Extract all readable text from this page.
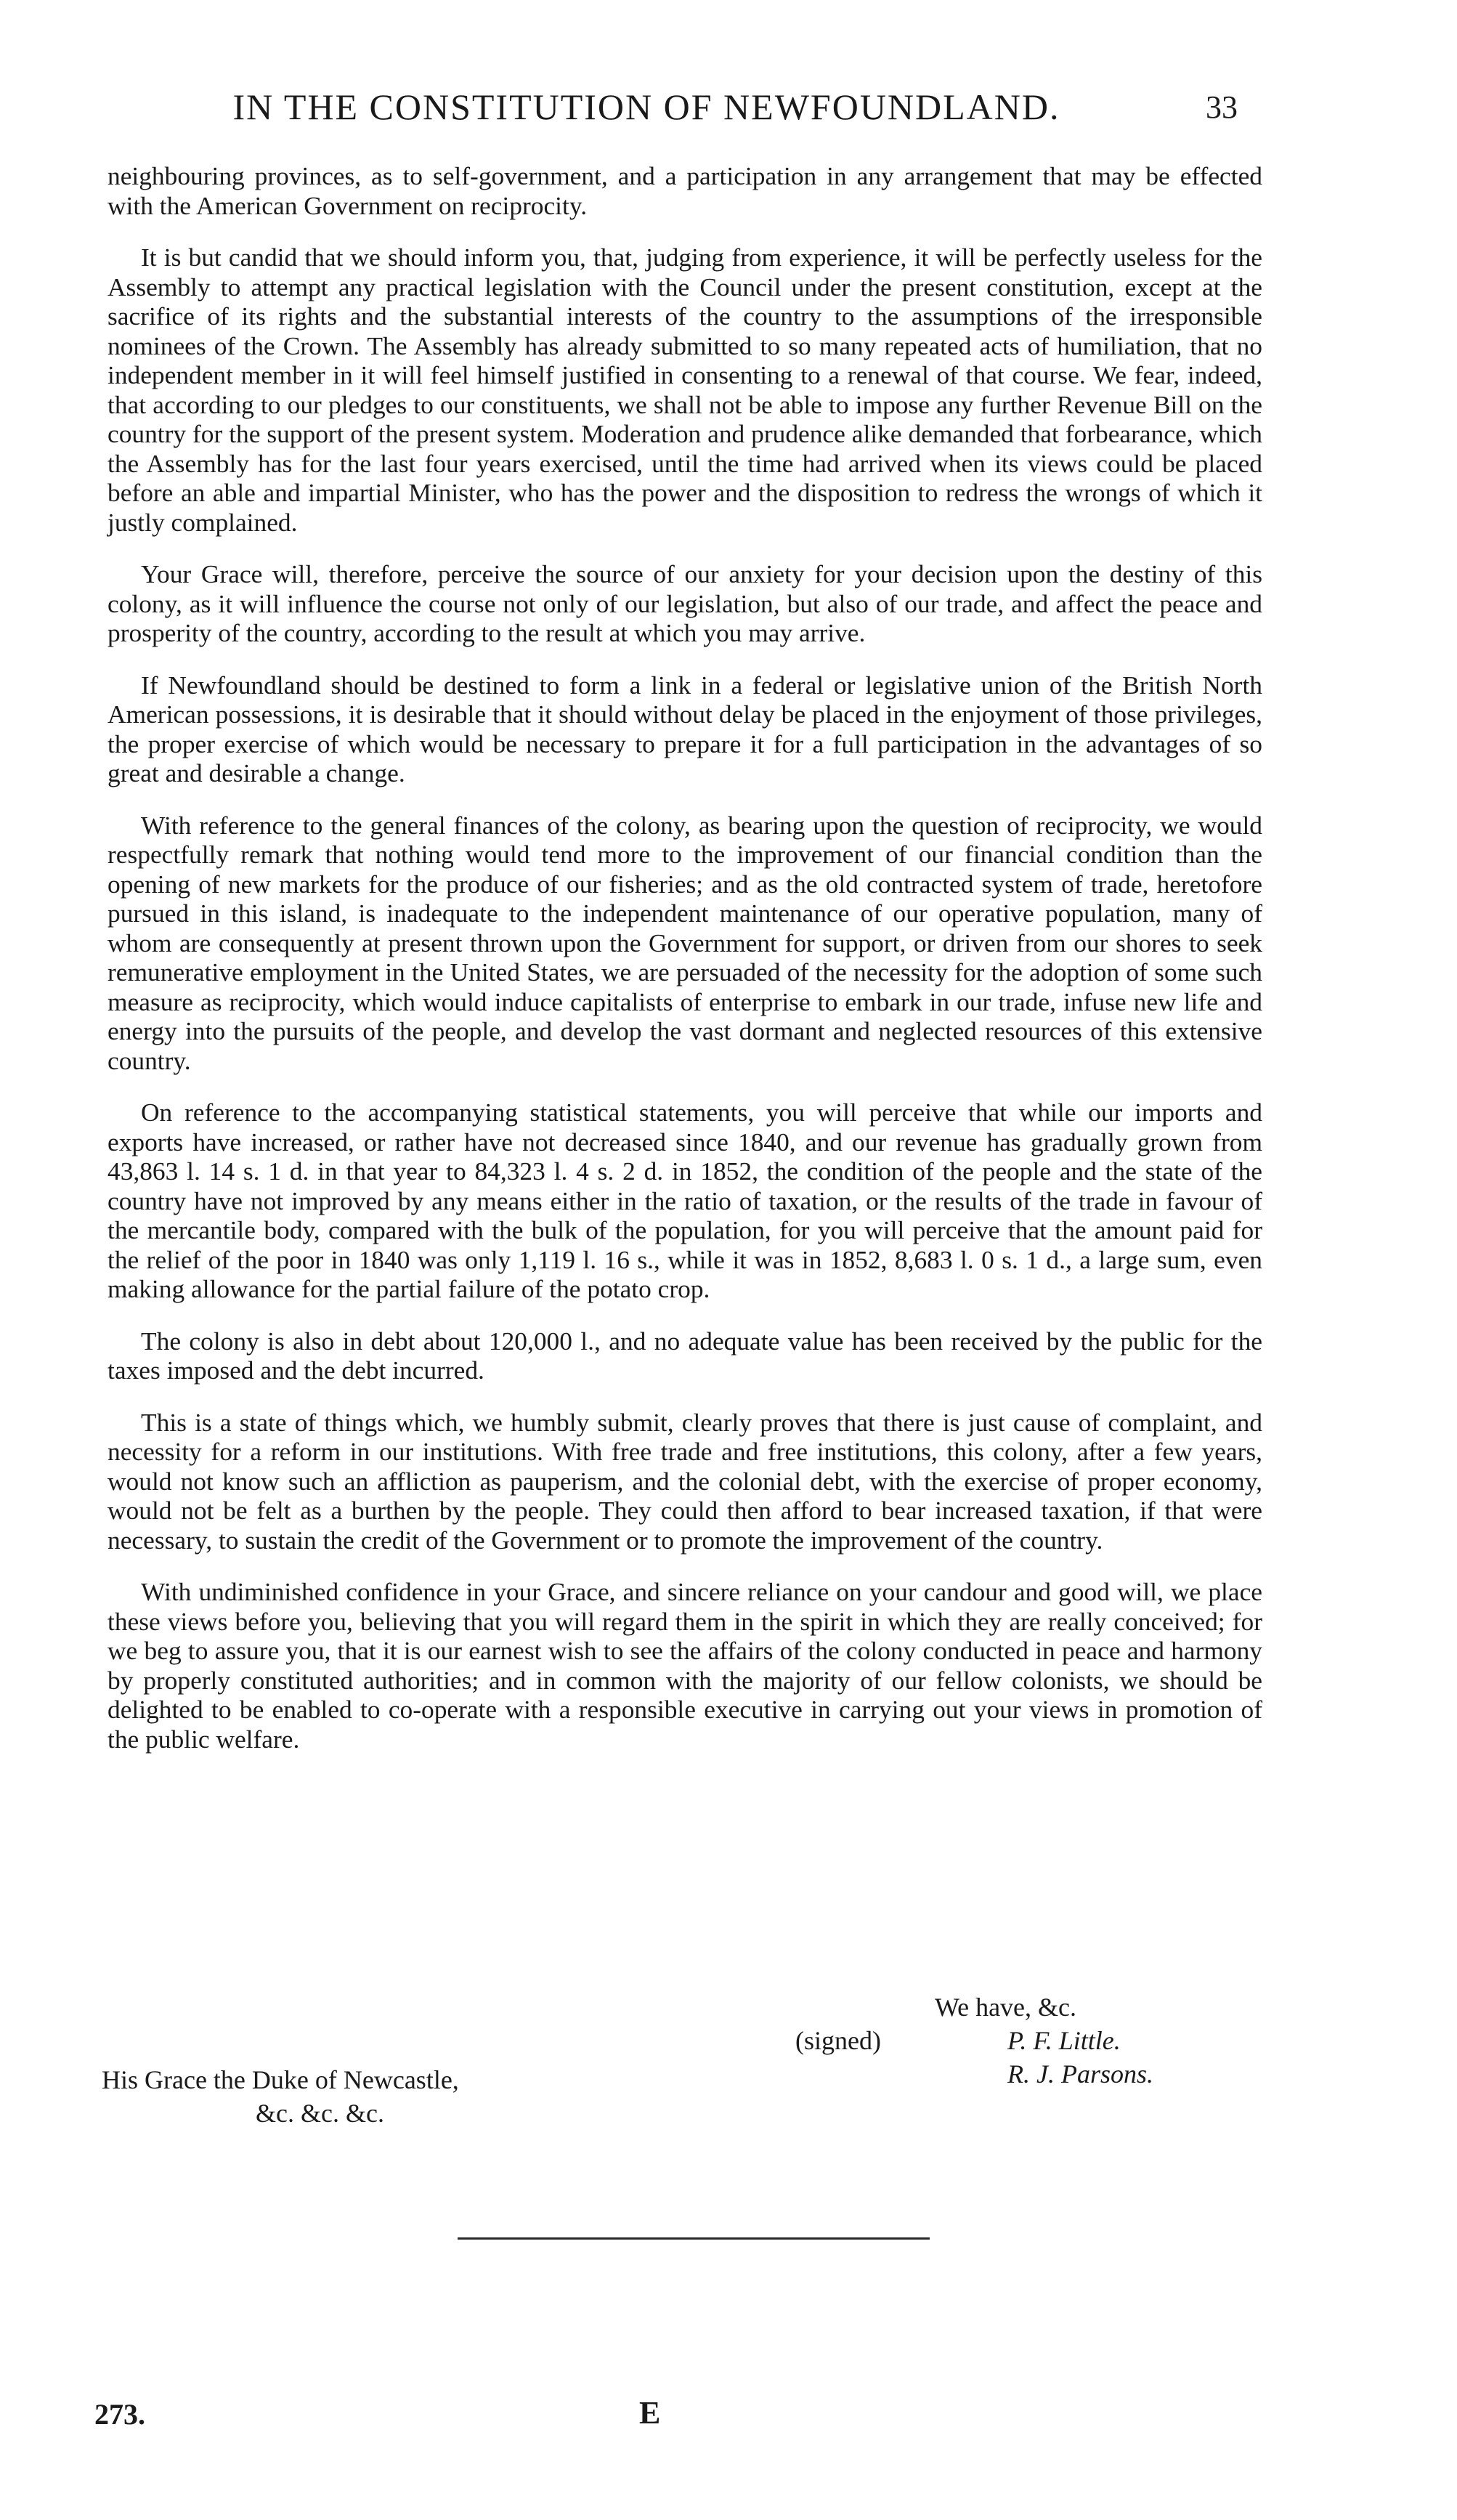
IN THE CONSTITUTION OF NEWFOUNDLAND.	33

neighbouring provinces, as to self-government, and a participation in any arrangement that may be effected with the American Government on reciprocity.

It is but candid that we should inform you, that, judging from experience, it will be perfectly useless for the Assembly to attempt any practical legislation with the Council under the present constitution, except at the sacrifice of its rights and the substantial interests of the country to the assumptions of the irresponsible nominees of the Crown. The Assembly has already submitted to so many repeated acts of humiliation, that no independent member in it will feel himself justified in consenting to a renewal of that course. We fear, indeed, that according to our pledges to our constituents, we shall not be able to impose any further Revenue Bill on the country for the support of the present system. Moderation and prudence alike demanded that forbearance, which the Assembly has for the last four years exercised, until the time had arrived when its views could be placed before an able and impartial Minister, who has the power and the disposition to redress the wrongs of which it justly complained.

Your Grace will, therefore, perceive the source of our anxiety for your decision upon the destiny of this colony, as it will influence the course not only of our legislation, but also of our trade, and affect the peace and prosperity of the country, according to the result at which you may arrive.

If Newfoundland should be destined to form a link in a federal or legislative union of the British North American possessions, it is desirable that it should without delay be placed in the enjoyment of those privileges, the proper exercise of which would be necessary to prepare it for a full participation in the advantages of so great and desirable a change.

With reference to the general finances of the colony, as bearing upon the question of reciprocity, we would respectfully remark that nothing would tend more to the improvement of our financial condition than the opening of new markets for the produce of our fisheries; and as the old contracted system of trade, heretofore pursued in this island, is inadequate to the independent maintenance of our operative population, many of whom are consequently at present thrown upon the Government for support, or driven from our shores to seek remunerative employment in the United States, we are persuaded of the necessity for the adoption of some such measure as reciprocity, which would induce capitalists of enterprise to embark in our trade, infuse new life and energy into the pursuits of the people, and develop the vast dormant and neglected resources of this extensive country.

On reference to the accompanying statistical statements, you will perceive that while our imports and exports have increased, or rather have not decreased since 1840, and our revenue has gradually grown from 43,863 l. 14 s. 1 d. in that year to 84,323 l. 4 s. 2 d. in 1852, the condition of the people and the state of the country have not improved by any means either in the ratio of taxation, or the results of the trade in favour of the mercantile body, compared with the bulk of the population, for you will perceive that the amount paid for the relief of the poor in 1840 was only 1,119 l. 16 s., while it was in 1852, 8,683 l. 0 s. 1 d., a large sum, even making allowance for the partial failure of the potato crop.

The colony is also in debt about 120,000 l., and no adequate value has been received by the public for the taxes imposed and the debt incurred.

This is a state of things which, we humbly submit, clearly proves that there is just cause of complaint, and necessity for a reform in our institutions. With free trade and free institutions, this colony, after a few years, would not know such an affliction as pauperism, and the colonial debt, with the exercise of proper economy, would not be felt as a burthen by the people. They could then afford to bear increased taxation, if that were necessary, to sustain the credit of the Government or to promote the improvement of the country.

With undiminished confidence in your Grace, and sincere reliance on your candour and good will, we place these views before you, believing that you will regard them in the spirit in which they are really conceived; for we beg to assure you, that it is our earnest wish to see the affairs of the colony conducted in peace and harmony by properly constituted authorities; and in common with the majority of our fellow colonists, we should be delighted to be enabled to co-operate with a responsible executive in carrying out your views in promotion of the public welfare.

We have, &c.
(signed)	P. F. Little.
R. J. Parsons.
His Grace the Duke of Newcastle,
&c. &c. &c.
273.	E
